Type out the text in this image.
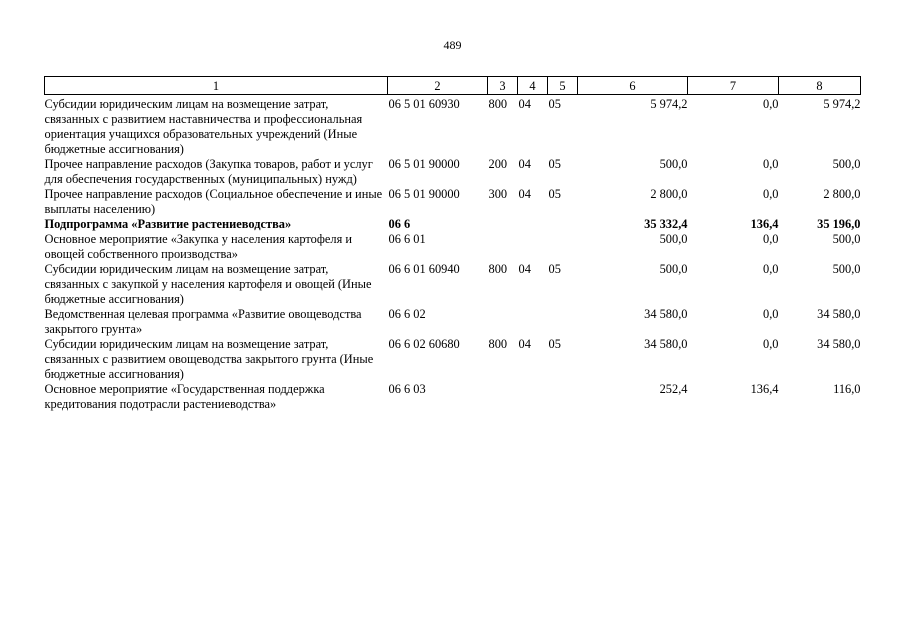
489
1	2	3	4	5	6	7	8
Субсидии юридическим лицам на возмещение затрат, связанных с развитием наставничества и профессиональная ориентация учащихся образовательных учреждений (Иные бюджетные ассигнования)	06 5 01 60930	800	04	05	5 974,2	0,0	5 974,2
Прочее направление расходов (Закупка товаров, работ и услуг для обеспечения государственных (муниципальных) нужд)	06 5 01 90000	200	04	05	500,0	0,0	500,0
Прочее направление расходов (Социальное обеспечение и иные выплаты населению)	06 5 01 90000	300	04	05	2 800,0	0,0	2 800,0
Подпрограмма «Развитие растениеводства»	06 6				35 332,4	136,4	35 196,0
Основное мероприятие «Закупка у населения картофеля и овощей собственного производства»	06 6 01				500,0	0,0	500,0
Субсидии юридическим лицам на возмещение затрат, связанных с закупкой у населения картофеля и овощей (Иные бюджетные ассигнования)	06 6 01 60940	800	04	05	500,0	0,0	500,0
Ведомственная целевая программа «Развитие овощеводства закрытого грунта»	06 6 02				34 580,0	0,0	34 580,0
Субсидии юридическим лицам на возмещение затрат, связанных с развитием овощеводства закрытого грунта (Иные бюджетные ассигнования)	06 6 02 60680	800	04	05	34 580,0	0,0	34 580,0
Основное мероприятие «Государственная поддержка кредитования подотрасли растениеводства»	06 6 03				252,4	136,4	116,0
